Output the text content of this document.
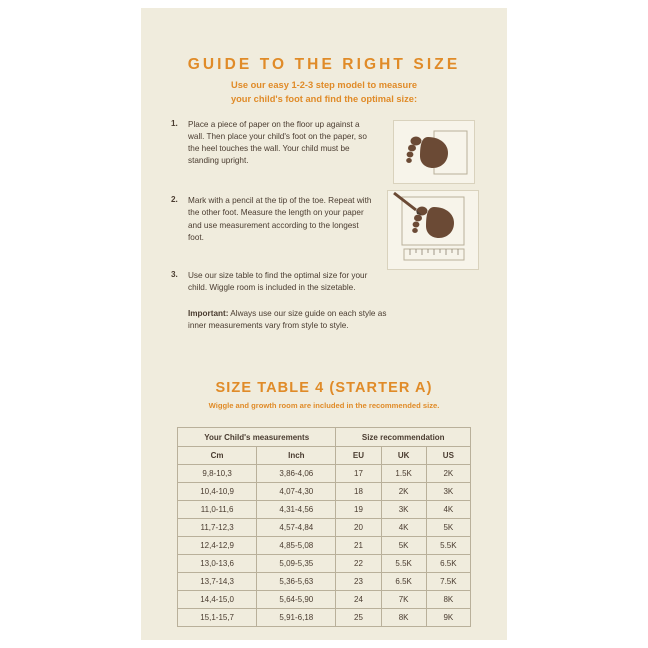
GUIDE TO THE RIGHT SIZE
Use our easy 1-2-3 step model to measure
your child's foot and find the optimal size:
1.	Place a piece of paper on the floor up against a wall. Then place your child's foot on the paper, so the heel touches the wall. Your child must be standing upright.
2.	Mark with a pencil at the tip of the toe. Repeat with the other foot. Measure the length on your paper and use measurement according to the longest foot.
3.	Use our size table to find the optimal size for your child. Wiggle room is included in the sizetable.
Important: Always use our size guide on each style as inner measurements vary from style to style.
SIZE TABLE 4 (STARTER A)
Wiggle and growth room are included in the recommended size.
Your Child's measurements		Size recommendation		
Cm	Inch	EU	UK	US
9,8-10,3	3,86-4,06	17	1.5K	2K
10,4-10,9	4,07-4,30	18	2K	3K
11,0-11,6	4,31-4,56	19	3K	4K
11,7-12,3	4,57-4,84	20	4K	5K
12,4-12,9	4,85-5,08	21	5K	5.5K
13,0-13,6	5,09-5,35	22	5.5K	6.5K
13,7-14,3	5,36-5,63	23	6.5K	7.5K
14,4-15,0	5,64-5,90	24	7K	8K
15,1-15,7	5,91-6,18	25	8K	9K
